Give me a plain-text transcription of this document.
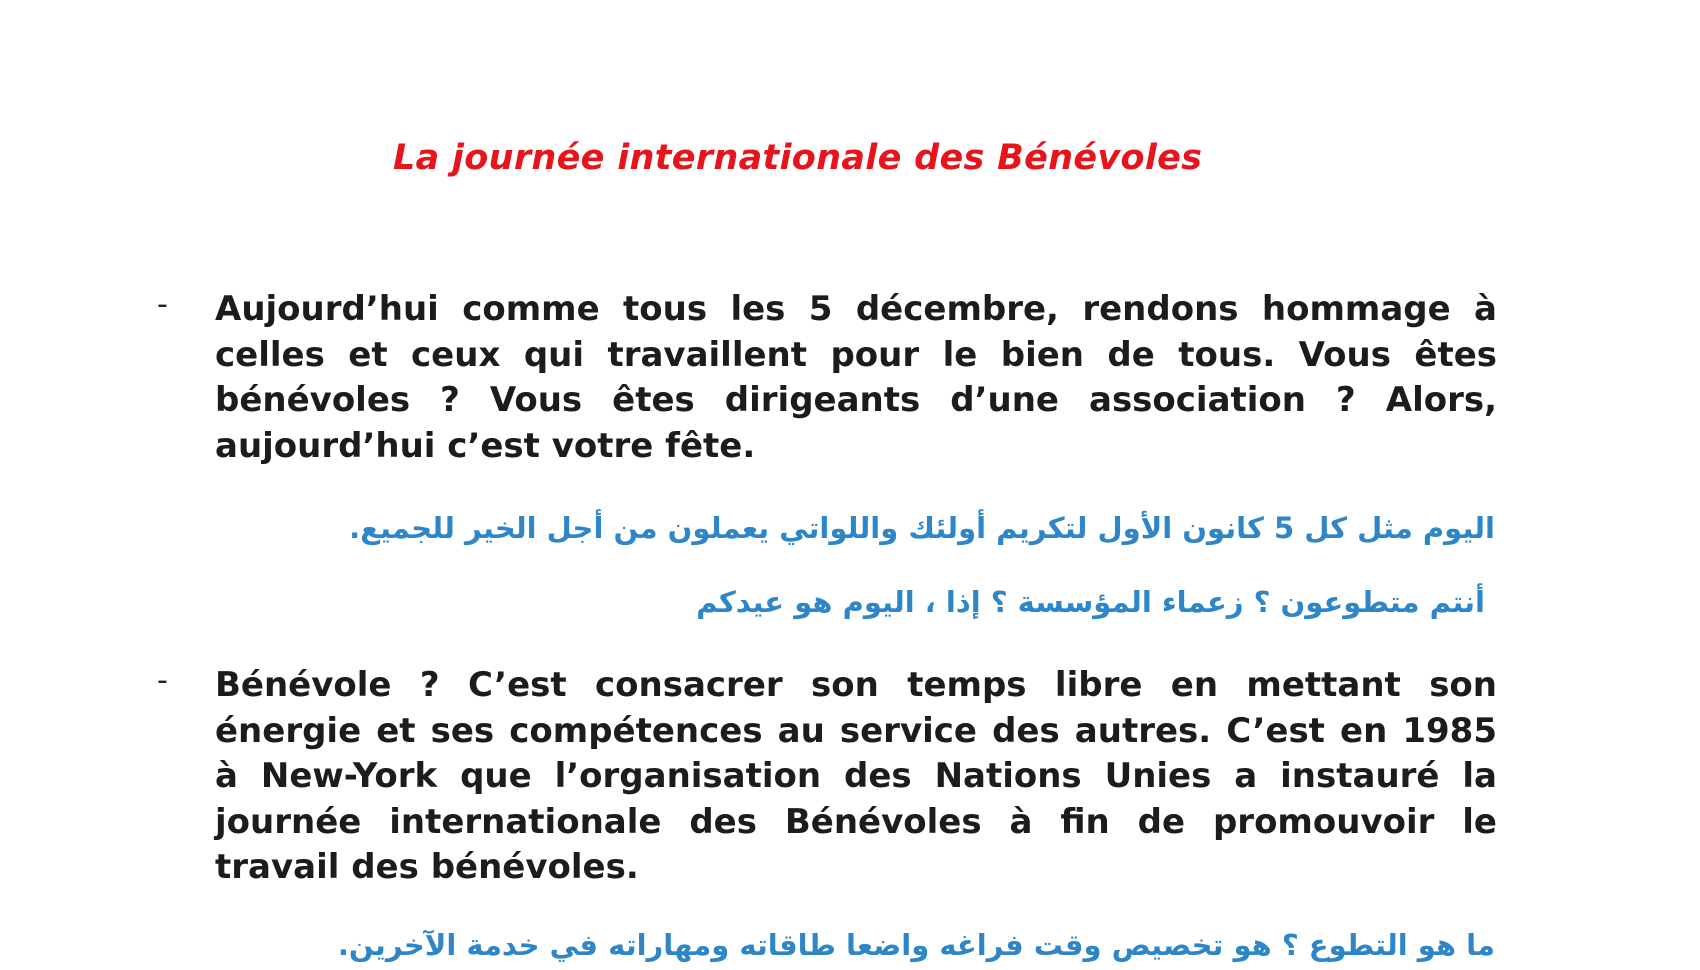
La journée internationale des Bénévoles
- Aujourd’hui comme tous les 5 décembre, rendons hommage à celles et ceux qui travaillent pour le bien de tous. Vous êtes bénévoles ? Vous êtes dirigeants d’une association ? Alors, aujourd’hui c’est votre fête.
اليوم مثل كل 5 كانون الأول لتكريم أولئك واللواتي يعملون من أجل الخير للجميع.
أنتم متطوعون ؟ زعماء المؤسسة ؟ إذا ، اليوم هو عيدكم
- Bénévole ? C’est consacrer son temps libre en mettant son énergie et ses compétences au service des autres. C’est en 1985 à New-York que l’organisation des Nations Unies a instauré la journée internationale des Bénévoles à fin de promouvoir le travail des bénévoles.
ما هو التطوع ؟ هو تخصيص وقت فراغه واضعا طاقاته ومهاراته في خدمة الآخرين.
